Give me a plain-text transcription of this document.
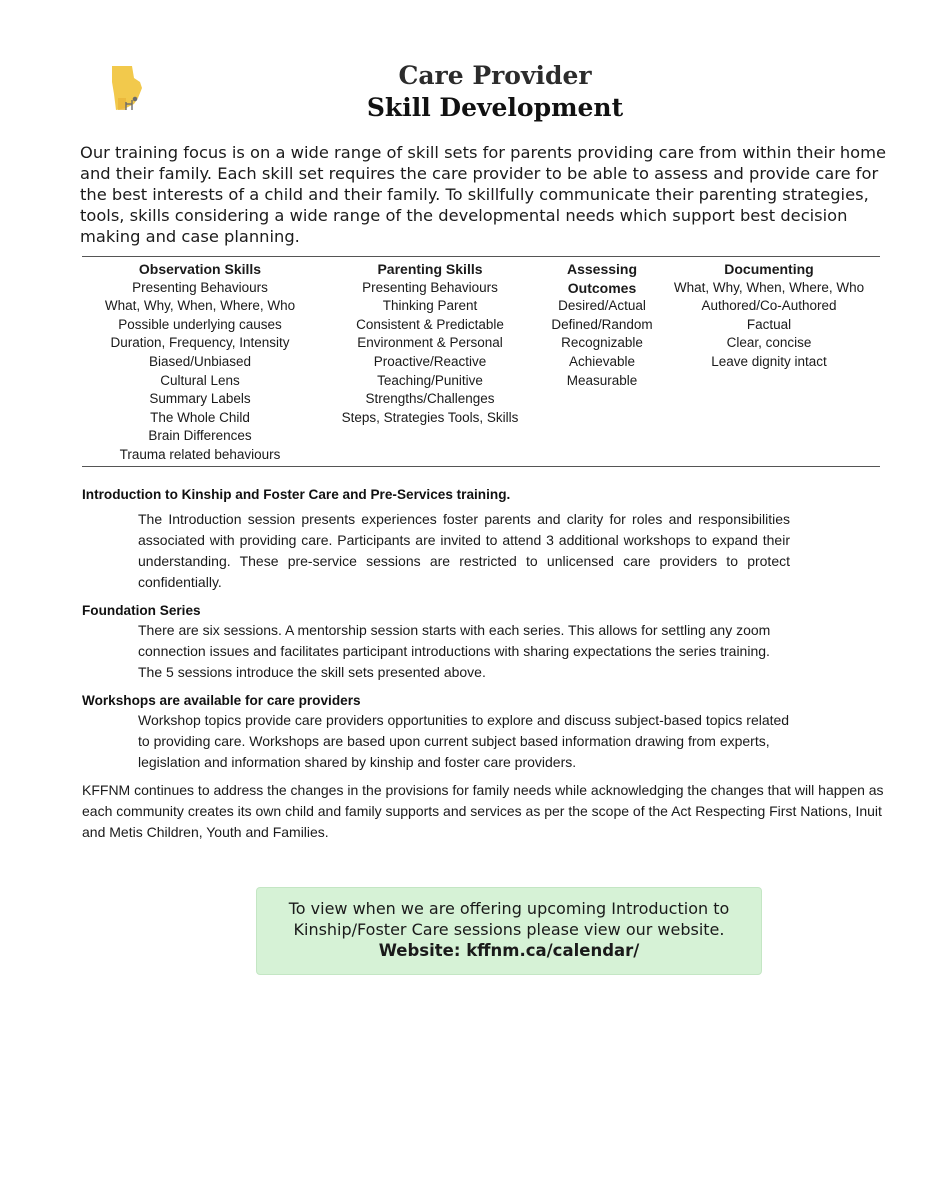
Care Provider
Skill Development
Our training focus is on a wide range of skill sets for parents providing care from within their home and their family. Each skill set requires the care provider to be able to assess and provide care for the best interests of a child and their family. To skillfully communicate their parenting strategies, tools, skills considering a wide range of the developmental needs which support best decision making and case planning.
Observation Skills
Presenting Behaviours
What, Why, When, Where, Who
Possible underlying causes
Duration, Frequency, Intensity
Biased/Unbiased
Cultural Lens
Summary Labels
The Whole Child
Brain Differences
Trauma related behaviours
Parenting Skills
Presenting Behaviours
Thinking Parent
Consistent & Predictable
Environment & Personal
Proactive/Reactive
Teaching/Punitive
Strengths/Challenges
Steps, Strategies Tools, Skills
Assessing
Outcomes
Desired/Actual
Defined/Random
Recognizable
Achievable
Measurable
Documenting
What, Why, When, Where, Who
Authored/Co-Authored
Factual
Clear, concise
Leave dignity intact
Introduction to Kinship and Foster Care and Pre-Services training.
The Introduction session presents experiences foster parents and clarity for roles and responsibilities associated with providing care. Participants are invited to attend 3 additional workshops to expand their understanding. These pre-service sessions are restricted to unlicensed care providers to protect confidentially.
Foundation Series
There are six sessions. A mentorship session starts with each series. This allows for settling any zoom connection issues and facilitates participant introductions with sharing expectations the series training. The 5 sessions introduce the skill sets presented above.
Workshops are available for care providers
Workshop topics provide care providers opportunities to explore and discuss subject-based topics related to providing care. Workshops are based upon current subject based information drawing from experts, legislation and information shared by kinship and foster care providers.
KFFNM continues to address the changes in the provisions for family needs while acknowledging the changes that will happen as each community creates its own child and family supports and services as per the scope of the Act Respecting First Nations, Inuit and Metis Children, Youth and Families.
To view when we are offering upcoming Introduction to
Kinship/Foster Care sessions please view our website.
Website: kffnm.ca/calendar/
